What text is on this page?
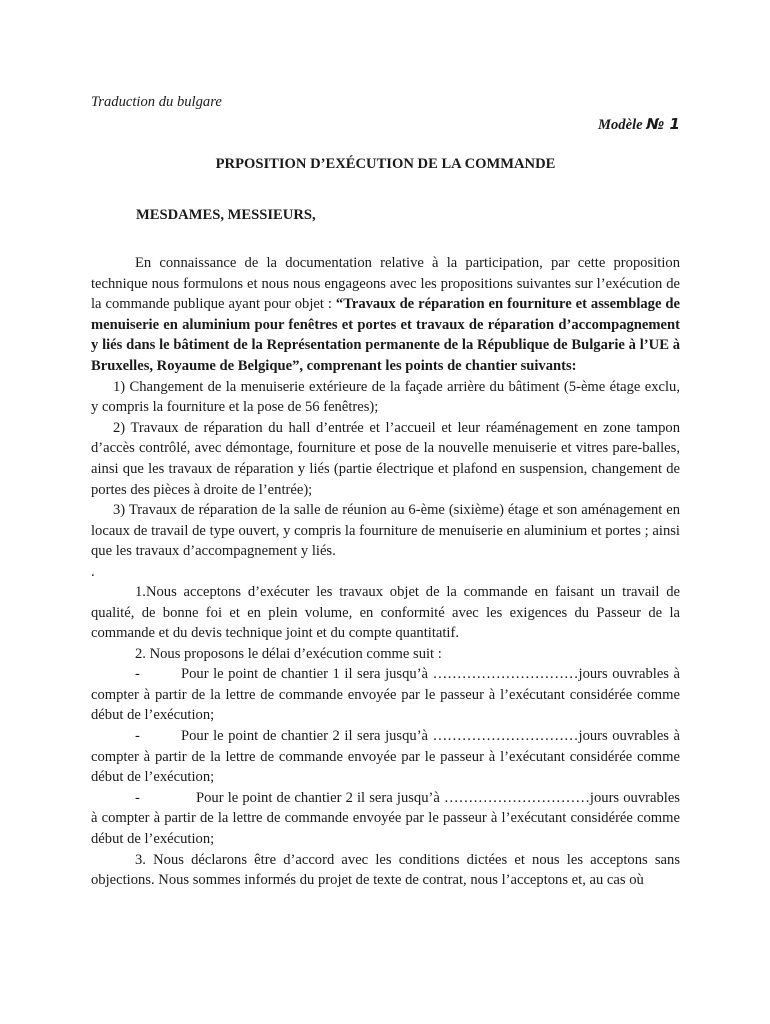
Traduction du bulgare

Modèle № 1

PRPOSITION D’EXÉCUTION DE LA COMMANDE

MESDAMES, MESSIEURS,

En connaissance de la documentation relative à la participation, par cette proposition technique nous formulons et nous nous engageons avec les propositions suivantes sur l’exécution de la commande publique ayant pour objet : “Travaux de réparation en fourniture et assemblage de menuiserie en aluminium pour fenêtres et portes et travaux de réparation d’accompagnement y liés dans le bâtiment de la Représentation permanente de la République de Bulgarie à l’UE à Bruxelles, Royaume de Belgique”, comprenant les points de chantier suivants:

1) Changement de la menuiserie extérieure de la façade arrière du bâtiment (5-ème étage exclu, y compris la fourniture et la pose de 56 fenêtres);

2) Travaux de réparation du hall d’entrée et l’accueil et leur réaménagement en zone tampon d’accès contrôlé, avec démontage, fourniture et pose de la nouvelle menuiserie et vitres pare-balles, ainsi que les travaux de réparation y liés (partie électrique et plafond en suspension, changement de portes des pièces à droite de l’entrée);

3) Travaux de réparation de la salle de réunion au 6-ème (sixième) étage et son aménagement en locaux de travail de type ouvert, y compris la fourniture de menuiserie en aluminium et portes ; ainsi que les travaux d’accompagnement y liés.

.

1.Nous acceptons d’exécuter les travaux objet de la commande en faisant un travail de qualité, de bonne foi et en plein volume, en conformité avec les exigences du Passeur de la commande et du devis technique joint et du compte quantitatif.

2. Nous proposons le délai d’exécution comme suit :

-	Pour le point de chantier 1 il sera jusqu’à …………………………jours ouvrables à compter à partir de la lettre de commande envoyée par le passeur à l’exécutant considérée comme début de l’exécution;

-	Pour le point de chantier 2 il sera jusqu’à …………………………jours ouvrables à compter à partir de la lettre de commande envoyée par le passeur à l’exécutant considérée comme début de l’exécution;

-	Pour le point de chantier 2 il sera jusqu’à …………………………jours ouvrables à compter à partir de la lettre de commande envoyée par le passeur à l’exécutant considérée comme début de l’exécution;

3. Nous déclarons être d’accord avec les conditions dictées et nous les acceptons sans objections. Nous sommes informés du projet de texte de contrat, nous l’acceptons et, au cas où
